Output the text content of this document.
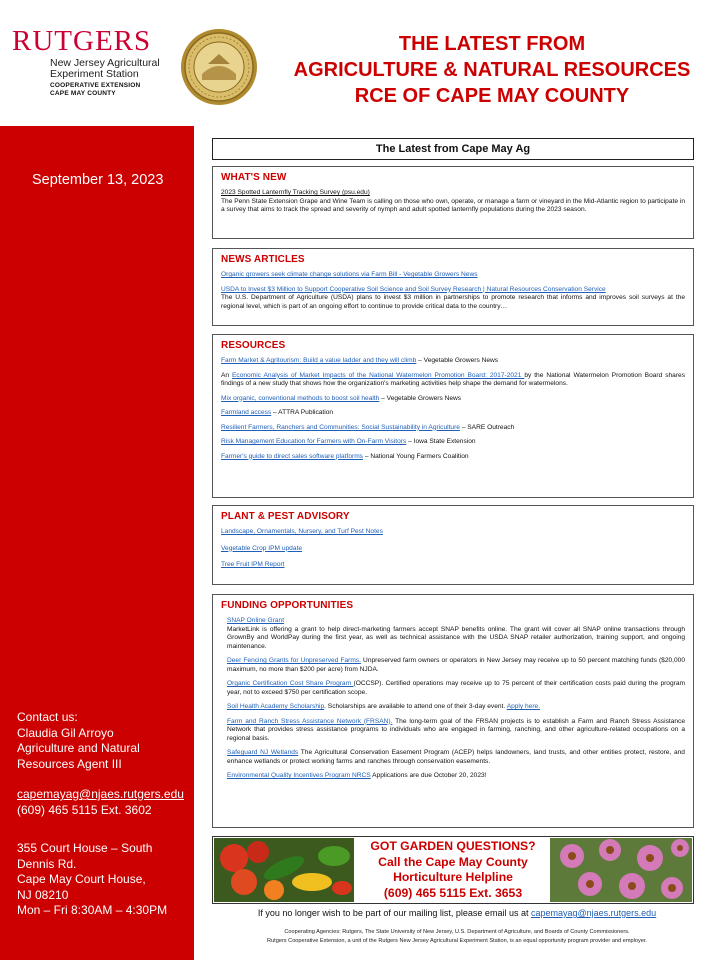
RUTGERS
New Jersey Agricultural
Experiment Station
COOPERATIVE EXTENSION
CAPE MAY COUNTY
THE LATEST FROM
AGRICULTURE & NATURAL RESOURCES
RCE OF CAPE MAY COUNTY
September 13, 2023
Contact us:
Claudia Gil Arroyo
Agriculture and Natural
Resources Agent III
capemayag@njaes.rutgers.edu
(609) 465 5115 Ext. 3602
355 Court House – South
Dennis Rd.
Cape May Court House,
NJ 08210
Mon – Fri 8:30AM – 4:30PM
The Latest from Cape May Ag
WHAT'S NEW
2023 Spotted Lanternfly Tracking Survey (psu.edu)
The Penn State Extension Grape and Wine Team is calling on those who own, operate, or manage a farm or vineyard in the Mid-Atlantic region to participate in a survey that aims to track the spread and severity of nymph and adult spotted lanternfly populations during the 2023 season.
NEWS ARTICLES
Organic growers seek climate change solutions via Farm Bill - Vegetable Growers News
USDA to Invest $3 Million to Support Cooperative Soil Science and Soil Survey Research | Natural Resources Conservation Service
The U.S. Department of Agriculture (USDA) plans to invest $3 million in partnerships to promote research that informs and improves soil surveys at the regional level, which is part of an ongoing effort to continue to provide critical data to the country…
RESOURCES
Farm Market & Agritourism: Build a value ladder and they will climb – Vegetable Growers News
An Economic Analysis of Market Impacts of the National Watermelon Promotion Board: 2017-2021 by the National Watermelon Promotion Board shares findings of a new study that shows how the organization's marketing activities help shape the demand for watermelons.
Mix organic, conventional methods to boost soil health – Vegetable Growers News
Farmland access – ATTRA Publication
Resilient Farmers, Ranchers and Communities: Social Sustainability in Agriculture – SARE Outreach
Risk Management Education for Farmers with On-Farm Visitors – Iowa State Extension
Farmer's guide to direct sales software platforms – National Young Farmers Coalition
PLANT & PEST ADVISORY
Landscape, Ornamentals, Nursery, and Turf Pest Notes
Vegetable Crop IPM update
Tree Fruit IPM Report
FUNDING OPPORTUNITIES
SNAP Online Grant
MarketLink is offering a grant to help direct-marketing farmers accept SNAP benefits online. The grant will cover all SNAP online transactions through GrownBy and WorldPay during the first year, as well as technical assistance with the USDA SNAP retailer authorization, training support, and ongoing maintenance.
Deer Fencing Grants for Unpreserved Farms. Unpreserved farm owners or operators in New Jersey may receive up to 50 percent matching funds ($20,000 maximum, no more than $200 per acre) from NJDA.
Organic Certification Cost Share Program (OCCSP). Certified operations may receive up to 75 percent of their certification costs paid during the program year, not to exceed $750 per certification scope.
Soil Health Academy Scholarship. Scholarships are available to attend one of their 3-day event. Apply here.
Farm and Ranch Stress Assistance Network (FRSAN). The long-term goal of the FRSAN projects is to establish a Farm and Ranch Stress Assistance Network that provides stress assistance programs to individuals who are engaged in farming, ranching, and other agriculture-related occupations on a regional basis.
Safeguard NJ Wetlands The Agricultural Conservation Easement Program (ACEP) helps landowners, land trusts, and other entities protect, restore, and enhance wetlands or protect working farms and ranches through conservation easements.
Environmental Quality Incentives Program NRCS Applications are due October 20, 2023!
GOT GARDEN QUESTIONS?
Call the Cape May County
Horticulture Helpline
(609) 465 5115 Ext. 3653
If you no longer wish to be part of our mailing list, please email us at capemayag@njaes.rutgers.edu
Cooperating Agencies: Rutgers, The State University of New Jersey, U.S. Department of Agriculture, and Boards of County Commissioners.
Rutgers Cooperative Extension, a unit of the Rutgers New Jersey Agricultural Experiment Station, is an equal opportunity program provider and employer.
